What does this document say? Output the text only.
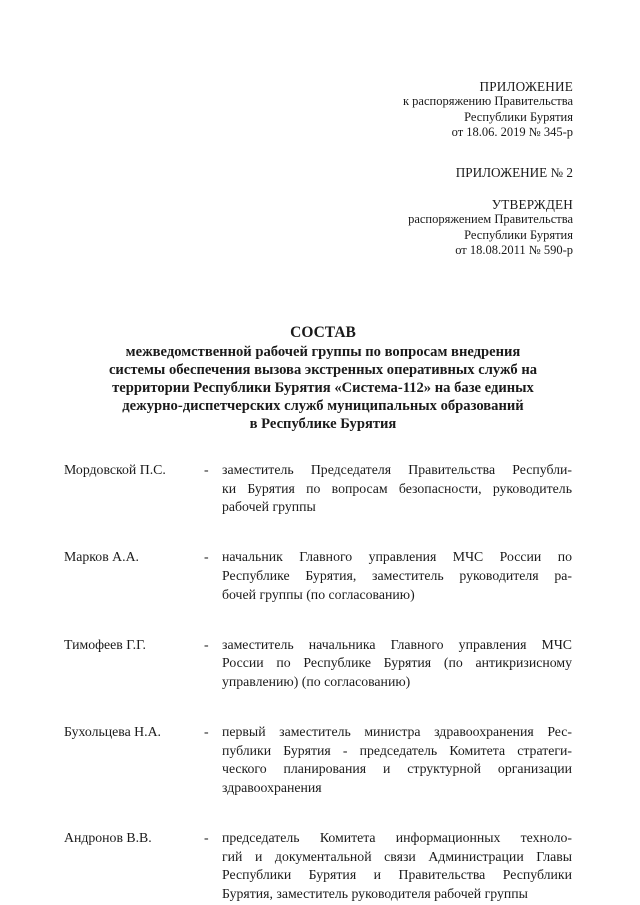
ПРИЛОЖЕНИЕ
к распоряжению Правительства
Республики Бурятия
от 18.06. 2019 № 345-р
ПРИЛОЖЕНИЕ № 2
УТВЕРЖДЕН
распоряжением Правительства
Республики Бурятия
от 18.08.2011 № 590-р
СОСТАВ
межведомственной рабочей группы по вопросам внедрения
системы обеспечения вызова экстренных оперативных служб на
территории Республики Бурятия «Система-112» на базе единых
дежурно-диспетчерских служб муниципальных образований
в Республике Бурятия
Мордовской П.С.	- заместитель Председателя Правительства Республи-
ки Бурятия по вопросам безопасности, руководитель
рабочей группы
Марков А.А.	- начальник Главного управления МЧС России по
Республике Бурятия, заместитель руководителя ра-
бочей группы (по согласованию)
Тимофеев Г.Г.	- заместитель начальника Главного управления МЧС
России по Республике Бурятия (по антикризисному
управлению) (по согласованию)
Бухольцева Н.А.	- первый заместитель министра здравоохранения Рес-
публики Бурятия - председатель Комитета стратеги-
ческого планирования и структурной организации
здравоохранения
Андронов В.В.	- председатель Комитета информационных техноло-
гий и документальной связи Администрации Главы
Республики Бурятия и Правительства Республики
Бурятия, заместитель руководителя рабочей группы
